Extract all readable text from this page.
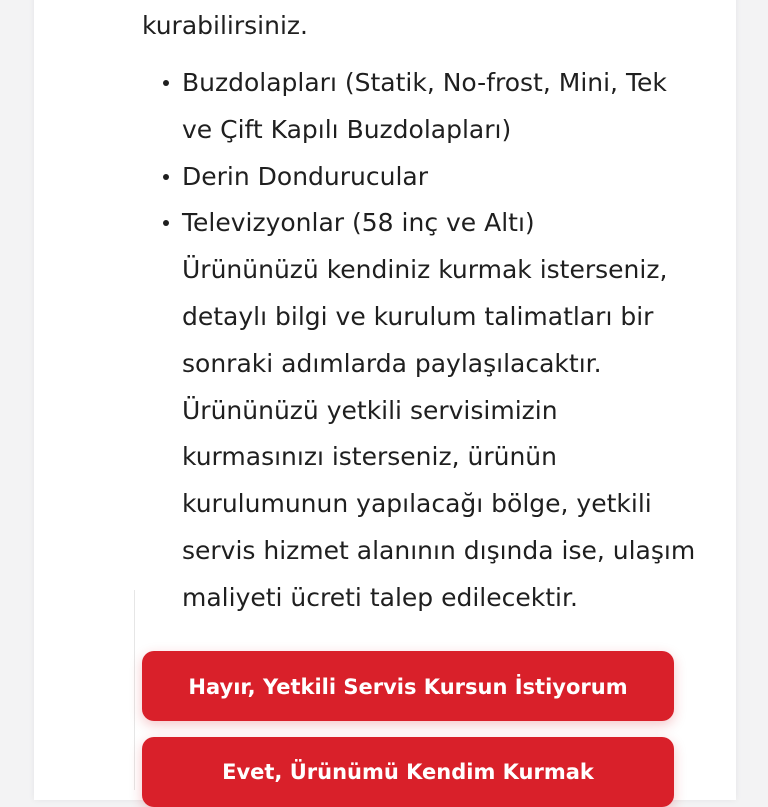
kurabilirsiniz.
Buzdolapları (Statik, No-frost, Mini, Tek ve Çift Kapılı Buzdolapları)
Derin Dondurucular
Televizyonlar (58 inç ve Altı)
Ürününüzü kendiniz kurmak isterseniz, detaylı bilgi ve kurulum talimatları bir sonraki adımlarda paylaşılacaktır.
Ürününüzü yetkili servisimizin kurmasınızı isterseniz, ürünün kurulumunun yapılacağı bölge, yetkili servis hizmet alanının dışında ise, ulaşım maliyeti ücreti talep edilecektir.
Hayır, Yetkili Servis Kursun İstiyorum
Evet, Ürünümü Kendim Kurmak
